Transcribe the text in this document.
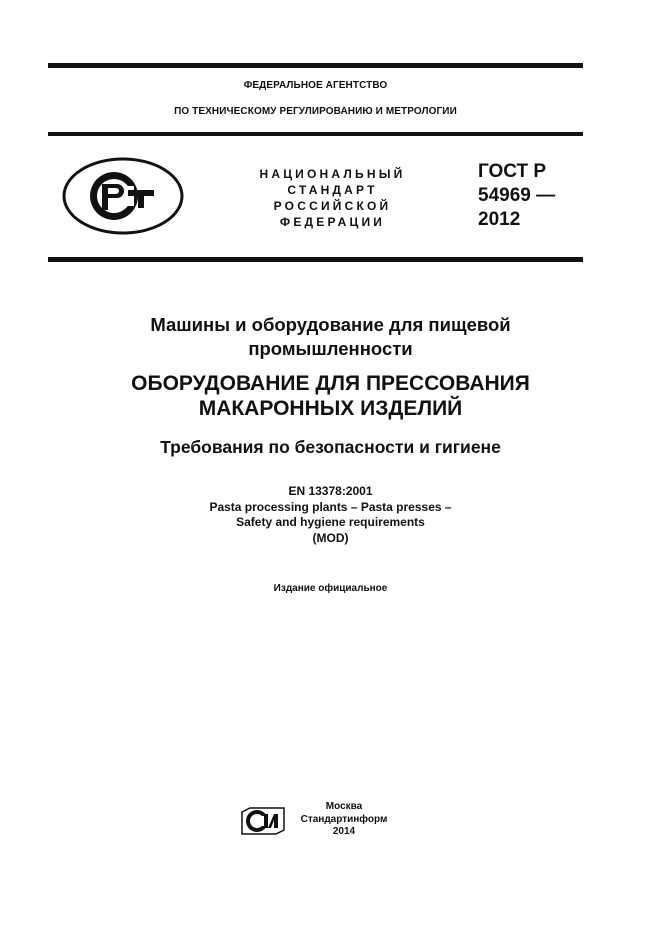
ФЕДЕРАЛЬНОЕ АГЕНТСТВО
ПО ТЕХНИЧЕСКОМУ РЕГУЛИРОВАНИЮ И МЕТРОЛОГИИ
НАЦИОНАЛЬНЫЙ
СТАНДАРТ
РОССИЙСКОЙ
ФЕДЕРАЦИИ
ГОСТ Р
54969 —
2012
Машины и оборудование для пищевой
промышленности
ОБОРУДОВАНИЕ ДЛЯ ПРЕССОВАНИЯ
МАКАРОННЫХ ИЗДЕЛИЙ
Требования по безопасности и гигиене
EN 13378:2001
Pasta processing plants – Pasta presses –
Safety and hygiene requirements
(MOD)
Издание официальное
Москва
Стандартинформ
2014
